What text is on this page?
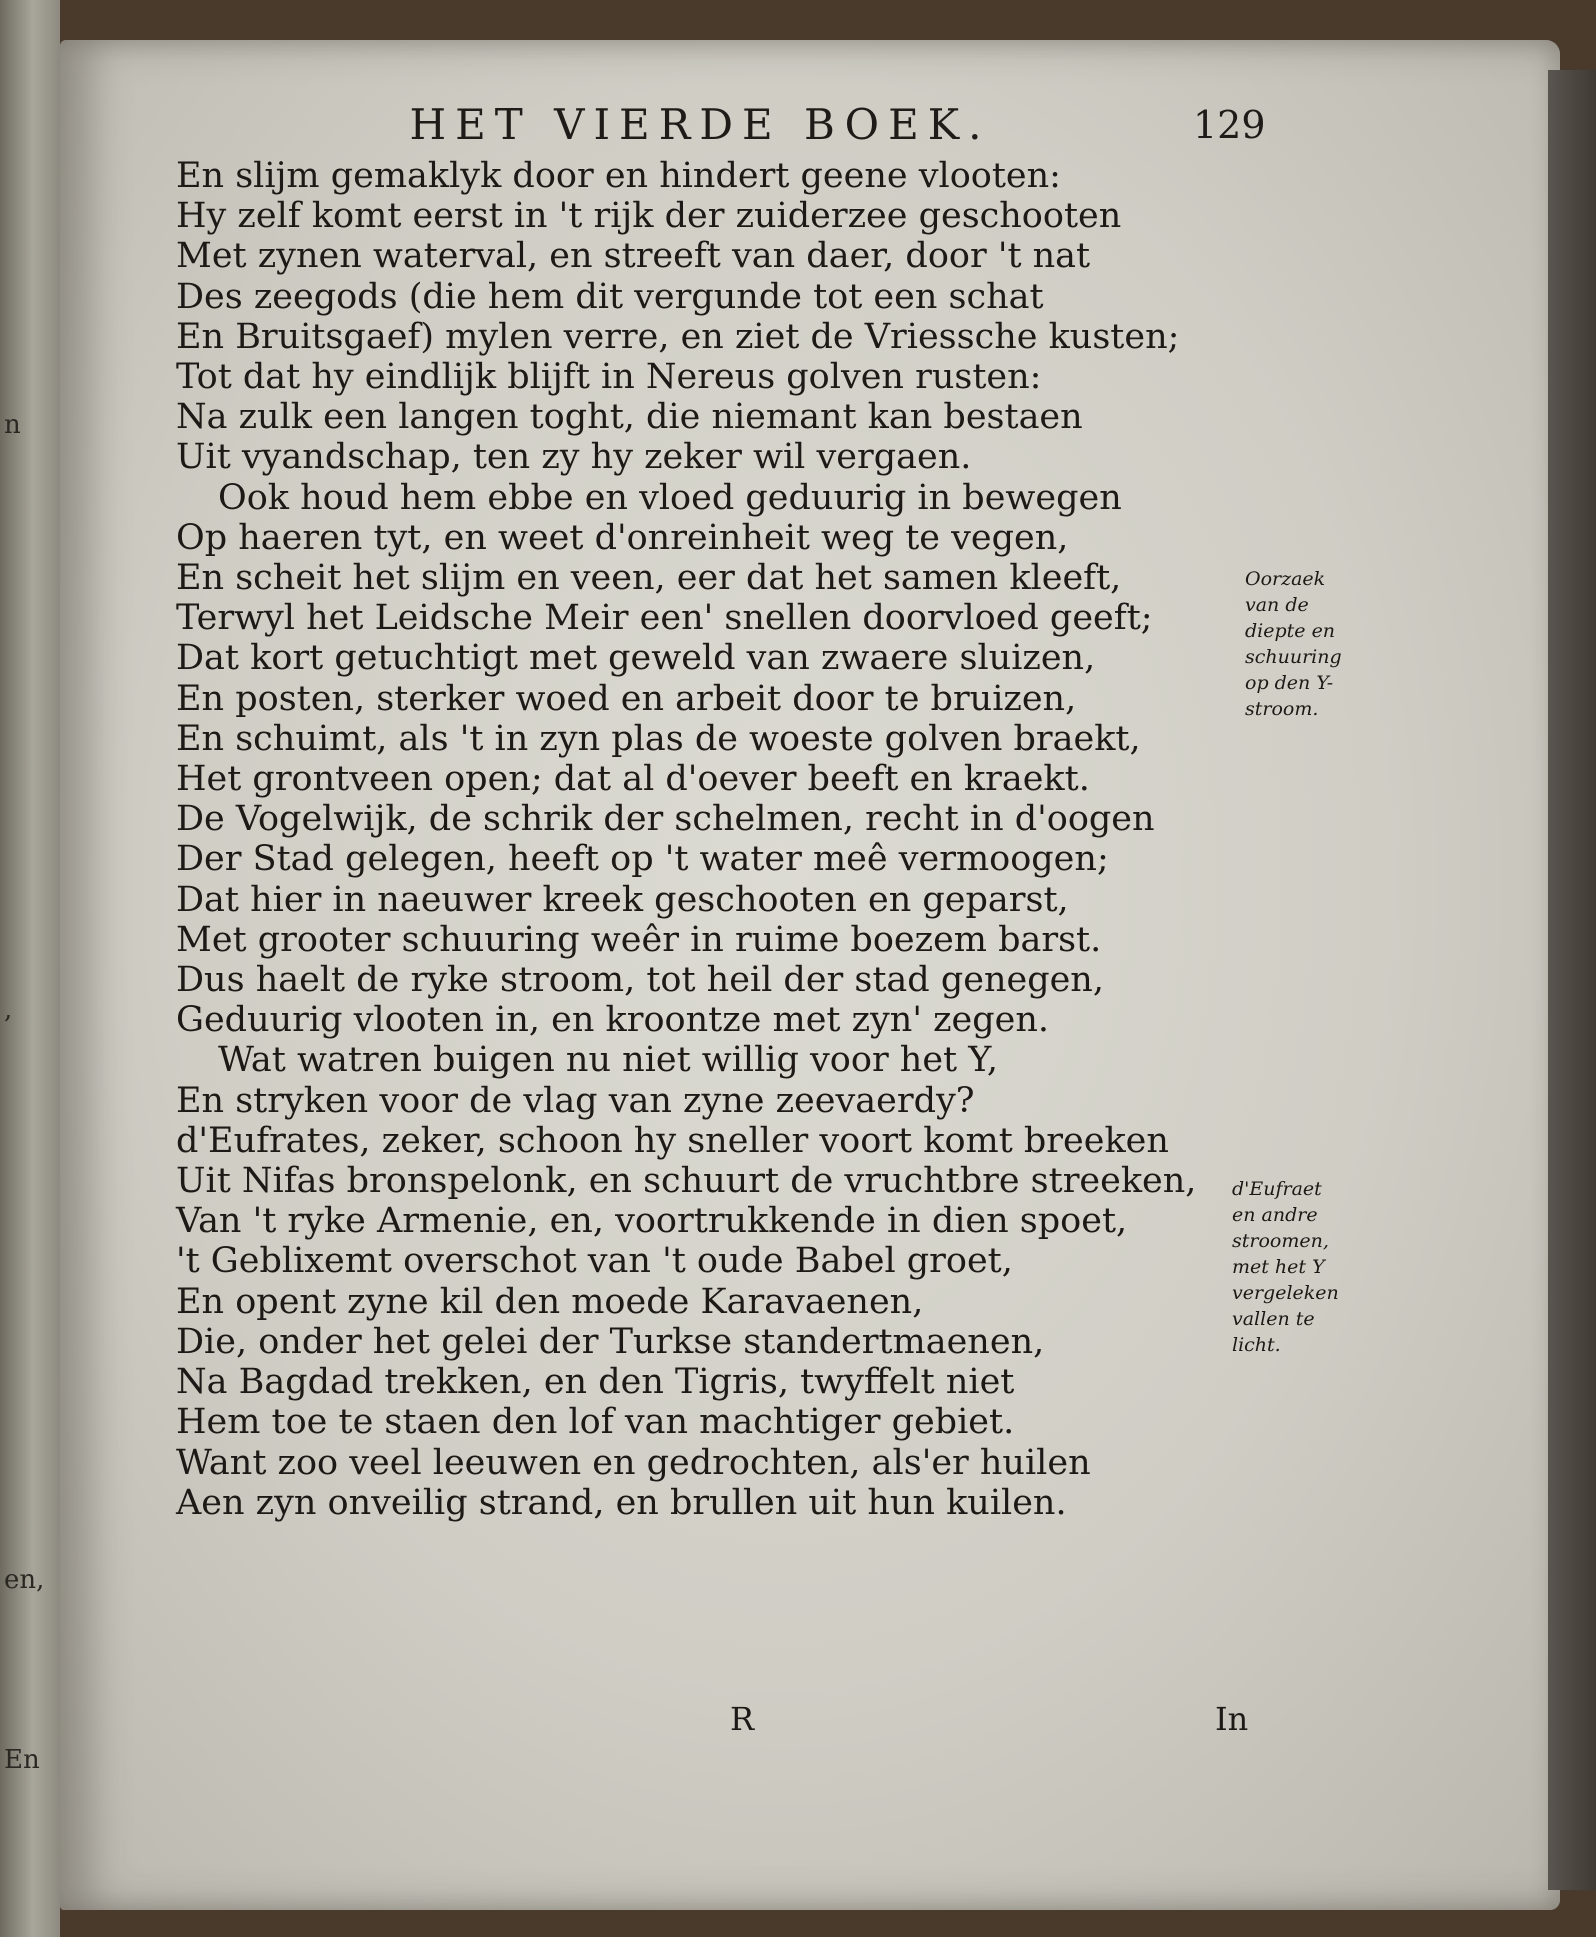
n
,
en,
En
HET VIERDE BOEK.	129
En slijm gemaklyk door en hindert geene vlooten:
Hy zelf komt eerst in 't rijk der zuiderzee geschooten
Met zynen waterval, en streeft van daer, door 't nat
Des zeegods (die hem dit vergunde tot een schat
En Bruitsgaef) mylen verre, en ziet de Vriessche kusten;
Tot dat hy eindlijk blijft in Nereus golven rusten:
Na zulk een langen toght, die niemant kan bestaen
Uit vyandschap, ten zy hy zeker wil vergaen.
Ook houd hem ebbe en vloed geduurig in bewegen
Op haeren tyt, en weet d'onreinheit weg te vegen,
En scheit het slijm en veen, eer dat het samen kleeft,
Terwyl het Leidsche Meir een' snellen doorvloed geeft;
Dat kort getuchtigt met geweld van zwaere sluizen,
En posten, sterker woed en arbeit door te bruizen,
En schuimt, als 't in zyn plas de woeste golven braekt,
Het grontveen open; dat al d'oever beeft en kraekt.
De Vogelwijk, de schrik der schelmen, recht in d'oogen
Der Stad gelegen, heeft op 't water meê vermoogen;
Dat hier in naeuwer kreek geschooten en geparst,
Met grooter schuuring weêr in ruime boezem barst.
Dus haelt de ryke stroom, tot heil der stad genegen,
Geduurig vlooten in, en kroontze met zyn' zegen.
Wat watren buigen nu niet willig voor het Y,
En stryken voor de vlag van zyne zeevaerdy?
d'Eufrates, zeker, schoon hy sneller voort komt breeken
Uit Nifas bronspelonk, en schuurt de vruchtbre streeken,
Van 't ryke Armenie, en, voortrukkende in dien spoet,
't Geblixemt overschot van 't oude Babel groet,
En opent zyne kil den moede Karavaenen,
Die, onder het gelei der Turkse standertmaenen,
Na Bagdad trekken, en den Tigris, twyffelt niet
Hem toe te staen den lof van machtiger gebiet.
Want zoo veel leeuwen en gedrochten, als'er huilen
Aen zyn onveilig strand, en brullen uit hun kuilen.
Oorzaek
van de
diepte en
schuuring
op den Y-
stroom.
d'Eufraet
en andre
stroomen,
met het Y
vergeleken
vallen te
licht.
R	In
